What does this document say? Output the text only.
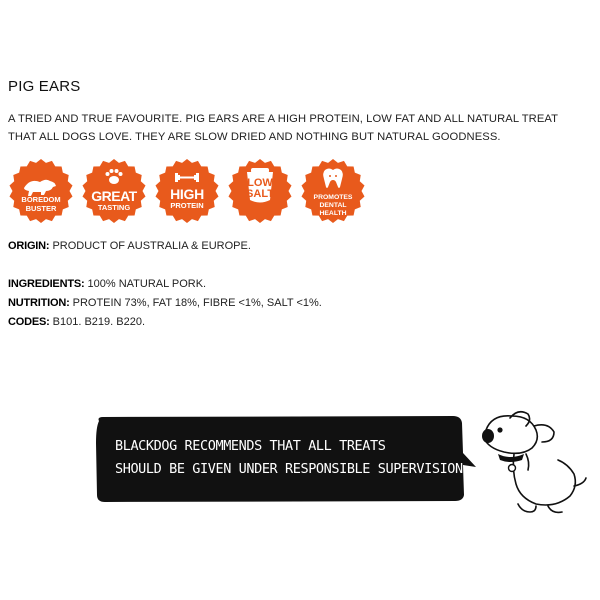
PIG EARS
A TRIED AND TRUE FAVOURITE. PIG EARS ARE A HIGH PROTEIN, LOW FAT AND ALL NATURAL TREAT THAT ALL DOGS LOVE. THEY ARE SLOW DRIED AND NOTHING BUT NATURAL GOODNESS.
BOREDOM
BUSTER
GREAT
TASTING
HIGH
PROTEIN
LOW
SALT	PROMOTES
DENTAL
HEALTH
ORIGIN: PRODUCT OF AUSTRALIA & EUROPE.
INGREDIENTS: 100% NATURAL PORK.
NUTRITION: PROTEIN 73%, FAT 18%, FIBRE <1%, SALT <1%.
CODES: B101. B219. B220.
BLACKDOG RECOMMENDS THAT ALL TREATS
SHOULD BE GIVEN UNDER RESPONSIBLE SUPERVISION.
